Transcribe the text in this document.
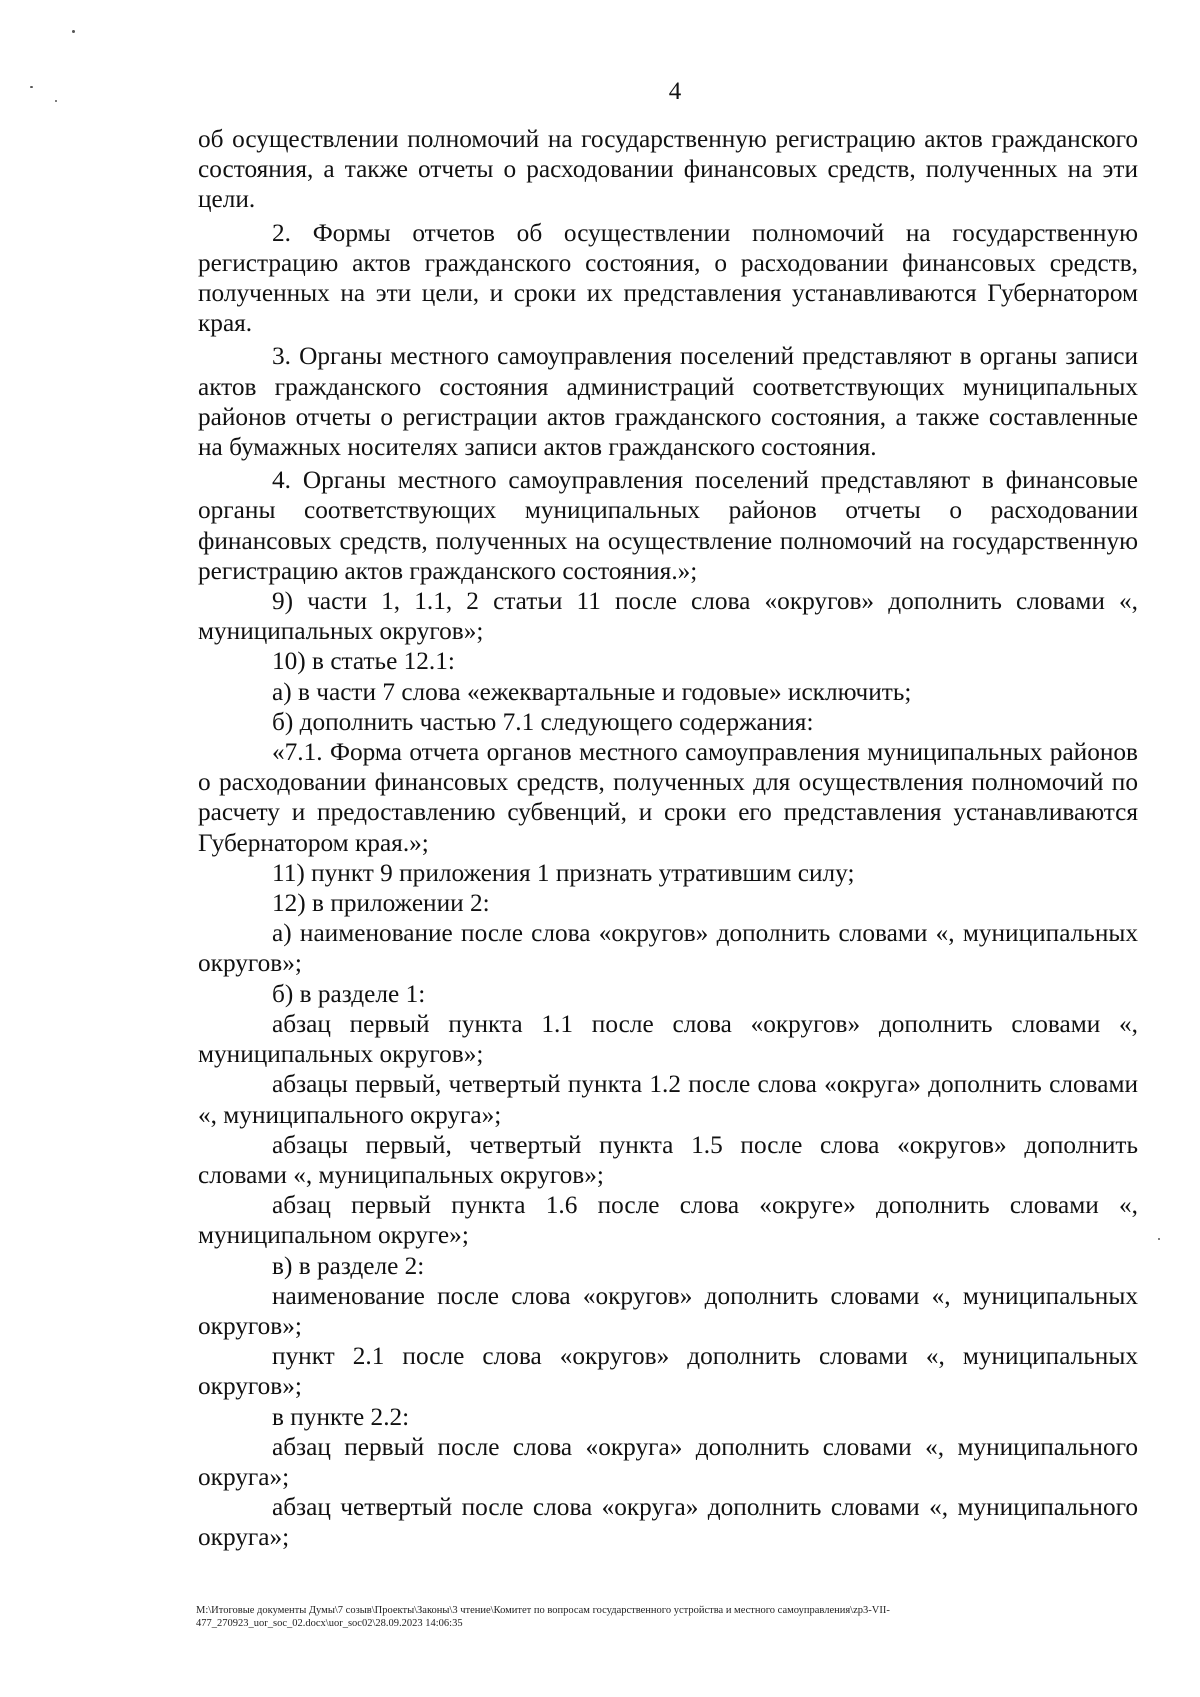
4

об осуществлении полномочий на государственную регистрацию актов гражданского состояния, а также отчеты о расходовании финансовых средств, полученных на эти цели.

2. Формы отчетов об осуществлении полномочий на государственную регистрацию актов гражданского состояния, о расходовании финансовых средств, полученных на эти цели, и сроки их представления устанавливаются Губернатором края.

3. Органы местного самоуправления поселений представляют в органы записи актов гражданского состояния администраций соответствующих муниципальных районов отчеты о регистрации актов гражданского состояния, а также составленные на бумажных носителях записи актов гражданского состояния.

4. Органы местного самоуправления поселений представляют в финансовые органы соответствующих муниципальных районов отчеты о расходовании финансовых средств, полученных на осуществление полномочий на государственную регистрацию актов гражданского состояния.»;

9) части 1, 1.1, 2 статьи 11 после слова «округов» дополнить словами «, муниципальных округов»;

10) в статье 12.1:

а) в части 7 слова «ежеквартальные и годовые» исключить;

б) дополнить частью 7.1 следующего содержания:

«7.1. Форма отчета органов местного самоуправления муниципальных районов о расходовании финансовых средств, полученных для осуществления полномочий по расчету и предоставлению субвенций, и сроки его представления устанавливаются Губернатором края.»;

11) пункт 9 приложения 1 признать утратившим силу;

12) в приложении 2:

а) наименование после слова «округов» дополнить словами «, муниципальных округов»;

б) в разделе 1:

абзац первый пункта 1.1 после слова «округов» дополнить словами «, муниципальных округов»;

абзацы первый, четвертый пункта 1.2 после слова «округа» дополнить словами «, муниципального округа»;

абзацы первый, четвертый пункта 1.5 после слова «округов» дополнить словами «, муниципальных округов»;

абзац первый пункта 1.6 после слова «округе» дополнить словами «, муниципальном округе»;

в) в разделе 2:

наименование после слова «округов» дополнить словами «, муниципальных округов»;

пункт 2.1 после слова «округов» дополнить словами «, муниципальных округов»;

в пункте 2.2:

абзац первый после слова «округа» дополнить словами «, муниципального округа»;

абзац четвертый после слова «округа» дополнить словами «, муниципального округа»;

M:\Итоговые документы Думы\7 созыв\Проекты\Законы\3 чтение\Комитет по вопросам государственного устройства и местного самоуправления\zp3-VII-
477_270923_uor_soc_02.docx\uor_soc02\28.09.2023 14:06:35
